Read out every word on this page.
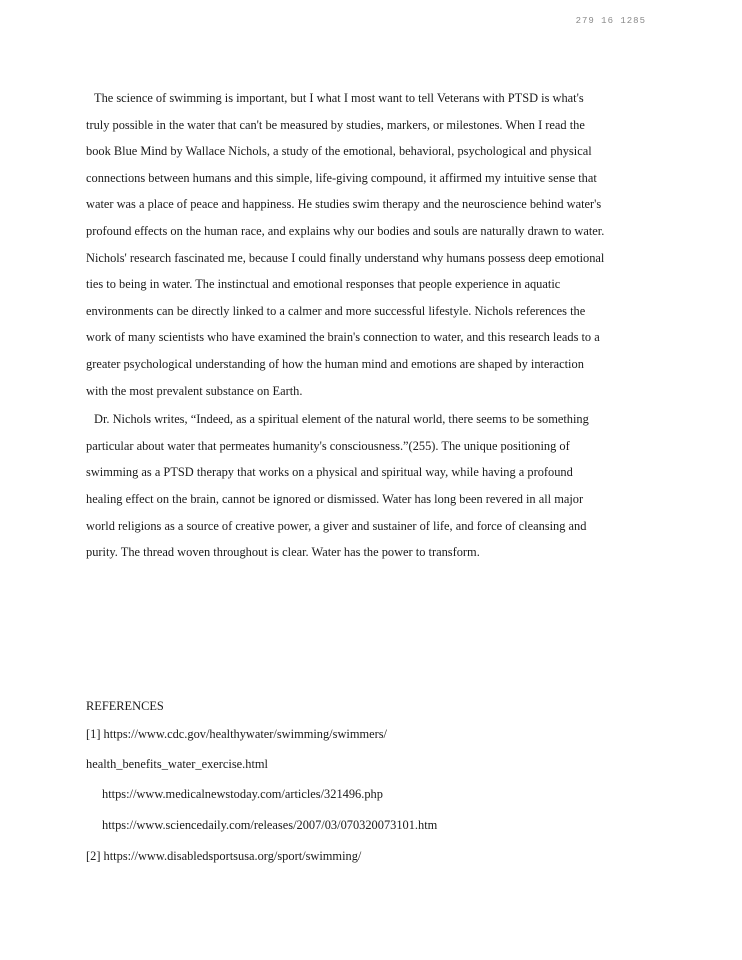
279 16 1285

The science of swimming is important, but I what I most want to tell Veterans with PTSD is what's truly possible in the water that can't be measured by studies, markers, or milestones. When I read the book Blue Mind by Wallace Nichols, a study of the emotional, behavioral, psychological and physical connections between humans and this simple, life-giving compound, it affirmed my intuitive sense that water was a place of peace and happiness. He studies swim therapy and the neuroscience behind water's profound effects on the human race, and explains why our bodies and souls are naturally drawn to water. Nichols' research fascinated me, because I could finally understand why humans possess deep emotional ties to being in water. The instinctual and emotional responses that people experience in aquatic environments can be directly linked to a calmer and more successful lifestyle. Nichols references the work of many scientists who have examined the brain's connection to water, and this research leads to a greater psychological understanding of how the human mind and emotions are shaped by interaction with the most prevalent substance on Earth.

Dr. Nichols writes, “Indeed, as a spiritual element of the natural world, there seems to be something particular about water that permeates humanity's consciousness.”(255). The unique positioning of swimming as a PTSD therapy that works on a physical and spiritual way, while having a profound healing effect on the brain, cannot be ignored or dismissed. Water has long been revered in all major world religions as a source of creative power, a giver and sustainer of life, and force of cleansing and purity. The thread woven throughout is clear. Water has the power to transform.

REFERENCES
[1] https://www.cdc.gov/healthywater/swimming/swimmers/
health_benefits_water_exercise.html
https://www.medicalnewstoday.com/articles/321496.php
https://www.sciencedaily.com/releases/2007/03/070320073101.htm
[2] https://www.disabledsportsusa.org/sport/swimming/
